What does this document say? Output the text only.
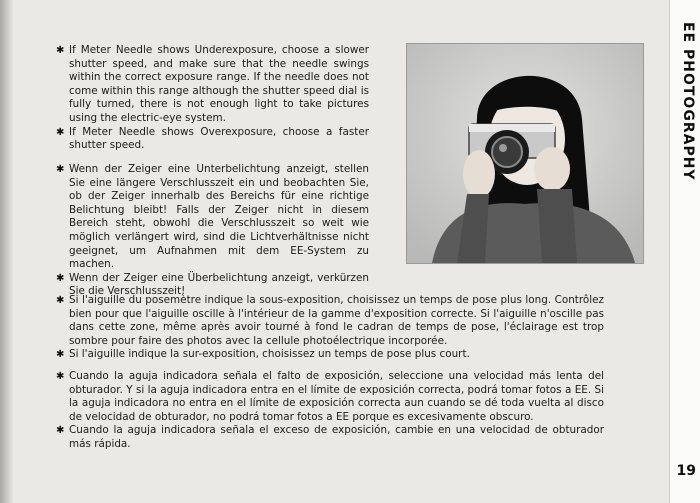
✱ If Meter Needle shows Underexposure, choose a slower shutter speed, and make sure that the needle swings within the correct exposure range. If the needle does not come within this range although the shutter speed dial is fully turned, there is not enough light to take pictures using the electric-eye system.
✱ If Meter Needle shows Overexposure, choose a faster shutter speed.
✱ Wenn der Zeiger eine Unterbelichtung anzeigt, stellen Sie eine längere Verschlusszeit ein und beobachten Sie, ob der Zeiger innerhalb des Bereichs für eine richtige Belichtung bleibt! Falls der Zeiger nicht in diesem Bereich steht, obwohl die Verschlusszeit so weit wie möglich verlängert wird, sind die Lichtverhältnisse nicht geeignet, um Aufnahmen mit dem EE-System zu machen.
✱ Wenn der Zeiger eine Überbelichtung anzeigt, verkürzen Sie die Verschlusszeit!
✱ Si l'aiguille du posemètre indique la sous-exposition, choisissez un temps de pose plus long. Contrôlez bien pour que l'aiguille oscille à l'intérieur de la gamme d'exposition correcte. Si l'aiguille n'oscille pas dans cette zone, même après avoir tourné à fond le cadran de temps de pose, l'éclairage est trop sombre pour faire des photos avec la cellule photoélectrique incorporée.
✱ Si l'aiguille indique la sur-exposition, choisissez un temps de pose plus court.
✱ Cuando la aguja indicadora señala el falto de exposición, seleccione una velocidad más lenta del obturador. Y si la aguja indicadora entra en el límite de exposición correcta, podrá tomar fotos a EE. Si la aguja indicadora no entra en el límite de exposición correcta aun cuando se dé toda vuelta al disco de velocidad de obturador, no podrá tomar fotos a EE porque es excesivamente obscuro.
✱ Cuando la aguja indicadora señala el exceso de exposición, cambie en una velocidad de obturador más rápida.
EE PHOTOGRAPHY
19
